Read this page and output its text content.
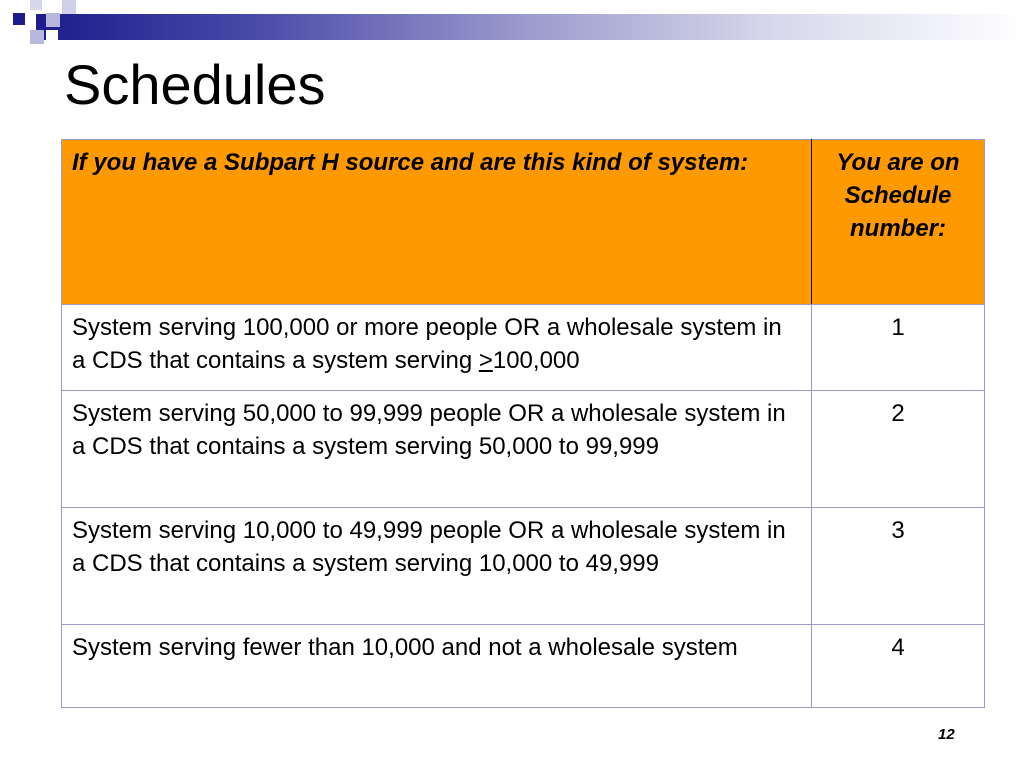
Schedules
If you have a Subpart H source and are this kind of system:	You are on Schedule number:
System serving 100,000 or more people OR a wholesale system in a CDS that contains a system serving ≥100,000	1
System serving 50,000 to 99,999 people OR a wholesale system in a CDS that contains a system serving 50,000 to 99,999	2
System serving 10,000 to 49,999 people OR a wholesale system in a CDS that contains a system serving 10,000 to 49,999	3
System serving fewer than 10,000 and not a wholesale system	4
12
